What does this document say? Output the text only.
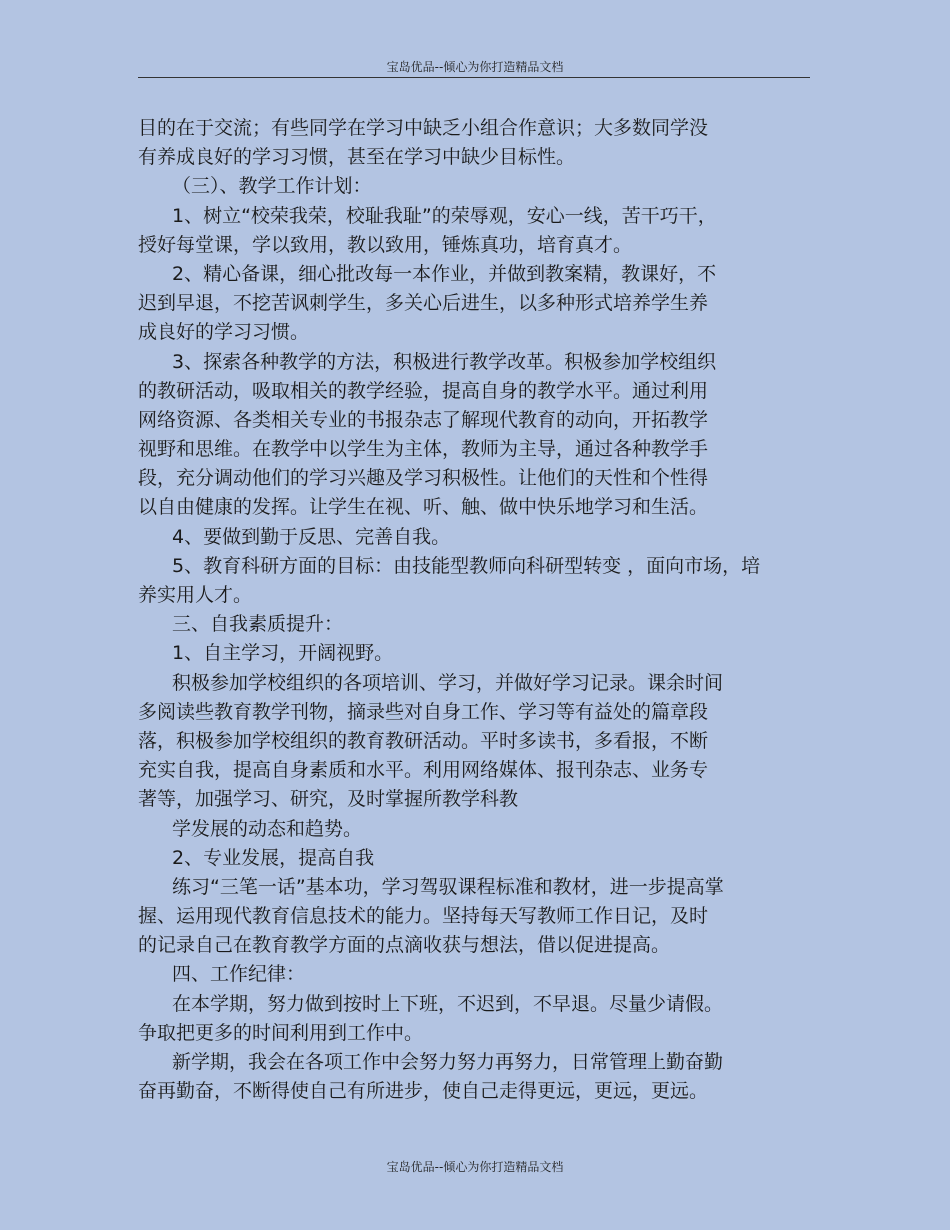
宝岛优品--倾心为你打造精品文档
目的在于交流；有些同学在学习中缺乏小组合作意识；大多数同学没
有养成良好的学习习惯，甚至在学习中缺少目标性。
（三）、教学工作计划：
1、树立“校荣我荣，校耻我耻”的荣辱观，安心一线，苦干巧干，
授好每堂课，学以致用，教以致用，锤炼真功，培育真才。
2、精心备课，细心批改每一本作业，并做到教案精，教课好，不
迟到早退，不挖苦讽刺学生，多关心后进生，以多种形式培养学生养
成良好的学习习惯。
3、探索各种教学的方法，积极进行教学改革。积极参加学校组织
的教研活动，吸取相关的教学经验，提高自身的教学水平。通过利用
网络资源、各类相关专业的书报杂志了解现代教育的动向，开拓教学
视野和思维。在教学中以学生为主体，教师为主导，通过各种教学手
段，充分调动他们的学习兴趣及学习积极性。让他们的天性和个性得
以自由健康的发挥。让学生在视、听、触、做中快乐地学习和生活。
4、要做到勤于反思、完善自我。
5、教育科研方面的目标：由技能型教师向科研型转变 ，面向市场，培
养实用人才。
三、自我素质提升：
1、自主学习，开阔视野。
积极参加学校组织的各项培训、学习，并做好学习记录。课余时间
多阅读些教育教学刊物，摘录些对自身工作、学习等有益处的篇章段
落，积极参加学校组织的教育教研活动。平时多读书，多看报，不断
充实自我，提高自身素质和水平。利用网络媒体、报刊杂志、业务专
著等，加强学习、研究，及时掌握所教学科教
学发展的动态和趋势。
2、专业发展，提高自我
练习“三笔一话”基本功，学习驾驭课程标准和教材，进一步提高掌
握、运用现代教育信息技术的能力。坚持每天写教师工作日记，及时
的记录自己在教育教学方面的点滴收获与想法，借以促进提高。
四、工作纪律：
在本学期，努力做到按时上下班，不迟到，不早退。尽量少请假。
争取把更多的时间利用到工作中。
新学期，我会在各项工作中会努力努力再努力，日常管理上勤奋勤
奋再勤奋，不断得使自己有所进步，使自己走得更远，更远，更远。
宝岛优品--倾心为你打造精品文档
